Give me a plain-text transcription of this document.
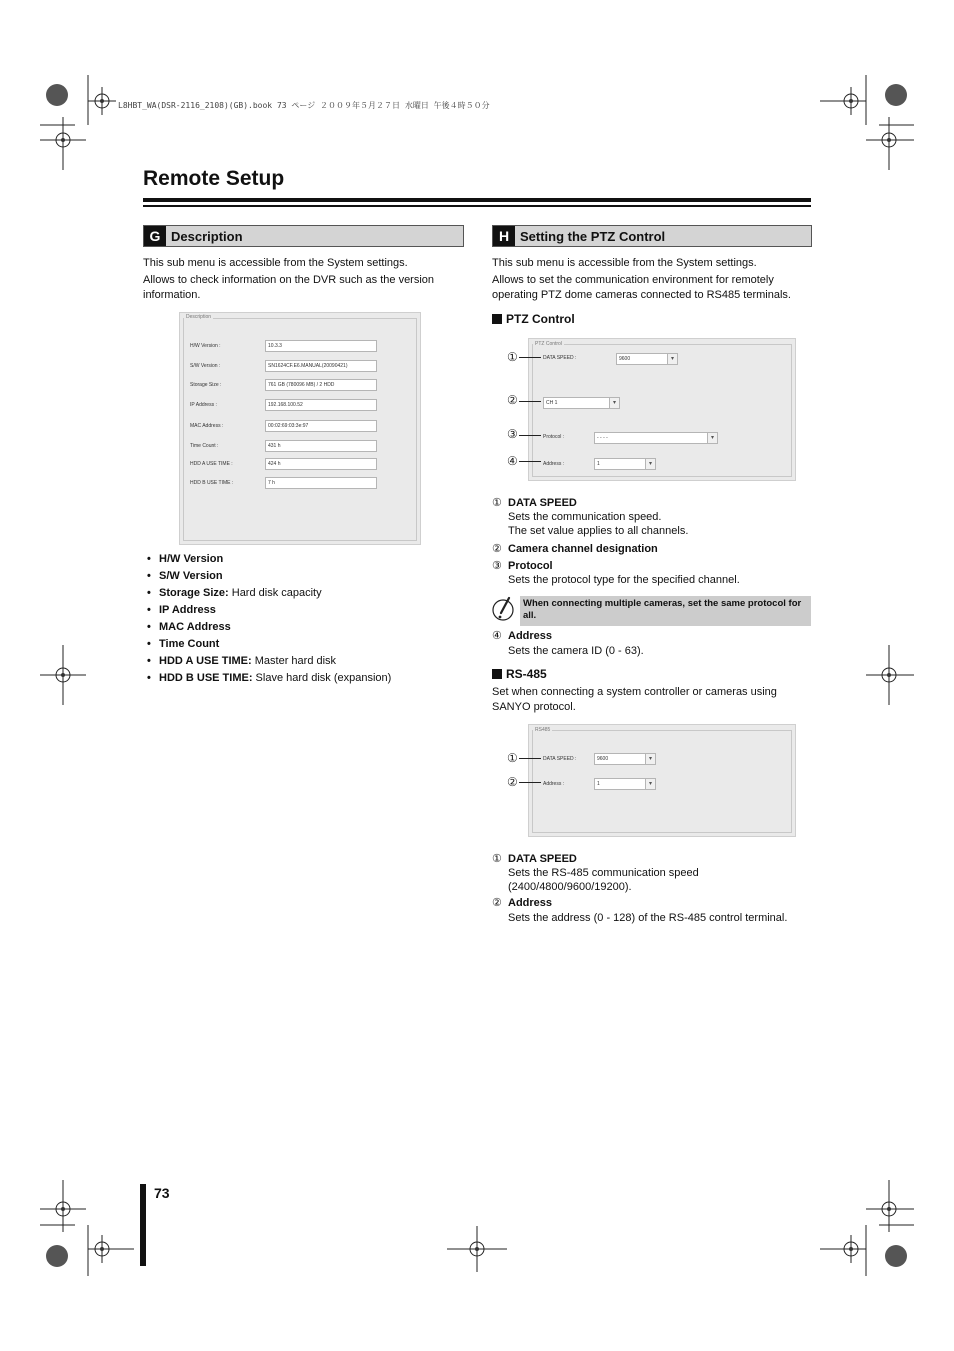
L8HBT_WA(DSR-2116_2108)(GB).book 73 ページ ２００９年５月２７日 水曜日 午後４時５０分
Remote Setup
G Description
This sub menu is accessible from the System settings.
Allows to check information on the DVR such as the version information.
Description
H/W Version :	10.3.3
S/W Version :	SN1624CF.E6.MANUAL(20090421)
Storage Size :	761 GB (780096 MB) / 2 HDD
IP Address :	192.168.100.52
MAC Address :	00:02:69:03:3e:97
Time Count :	431 h
HDD A USE TIME :	424 h
HDD B USE TIME :	7 h
• H/W Version
• S/W Version
• Storage Size: Hard disk capacity
• IP Address
• MAC Address
• Time Count
• HDD A USE TIME: Master hard disk
• HDD B USE TIME: Slave hard disk (expansion)
H Setting the PTZ Control
This sub menu is accessible from the System settings.
Allows to set the communication environment for remotely operating PTZ dome cameras connected to RS485 terminals.
PTZ Control
PTZ Control
DATA SPEED :	9600	▾
CH 1	▾
Protocol :	- - - -	▾
Address :	1	▾
①
②
③
④
① DATA SPEED
Sets the communication speed.
The set value applies to all channels.
② Camera channel designation
③ Protocol
Sets the protocol type for the specified channel.
When connecting multiple cameras, set the same protocol for all.
④ Address
Sets the camera ID (0 - 63).
RS-485
Set when connecting a system controller or cameras using SANYO protocol.
RS485
DATA SPEED :	9600	▾
Address :	1	▾
①
②
① DATA SPEED
Sets the RS-485 communication speed (2400/4800/9600/19200).
② Address
Sets the address (0 - 128) of the RS-485 control terminal.
73
